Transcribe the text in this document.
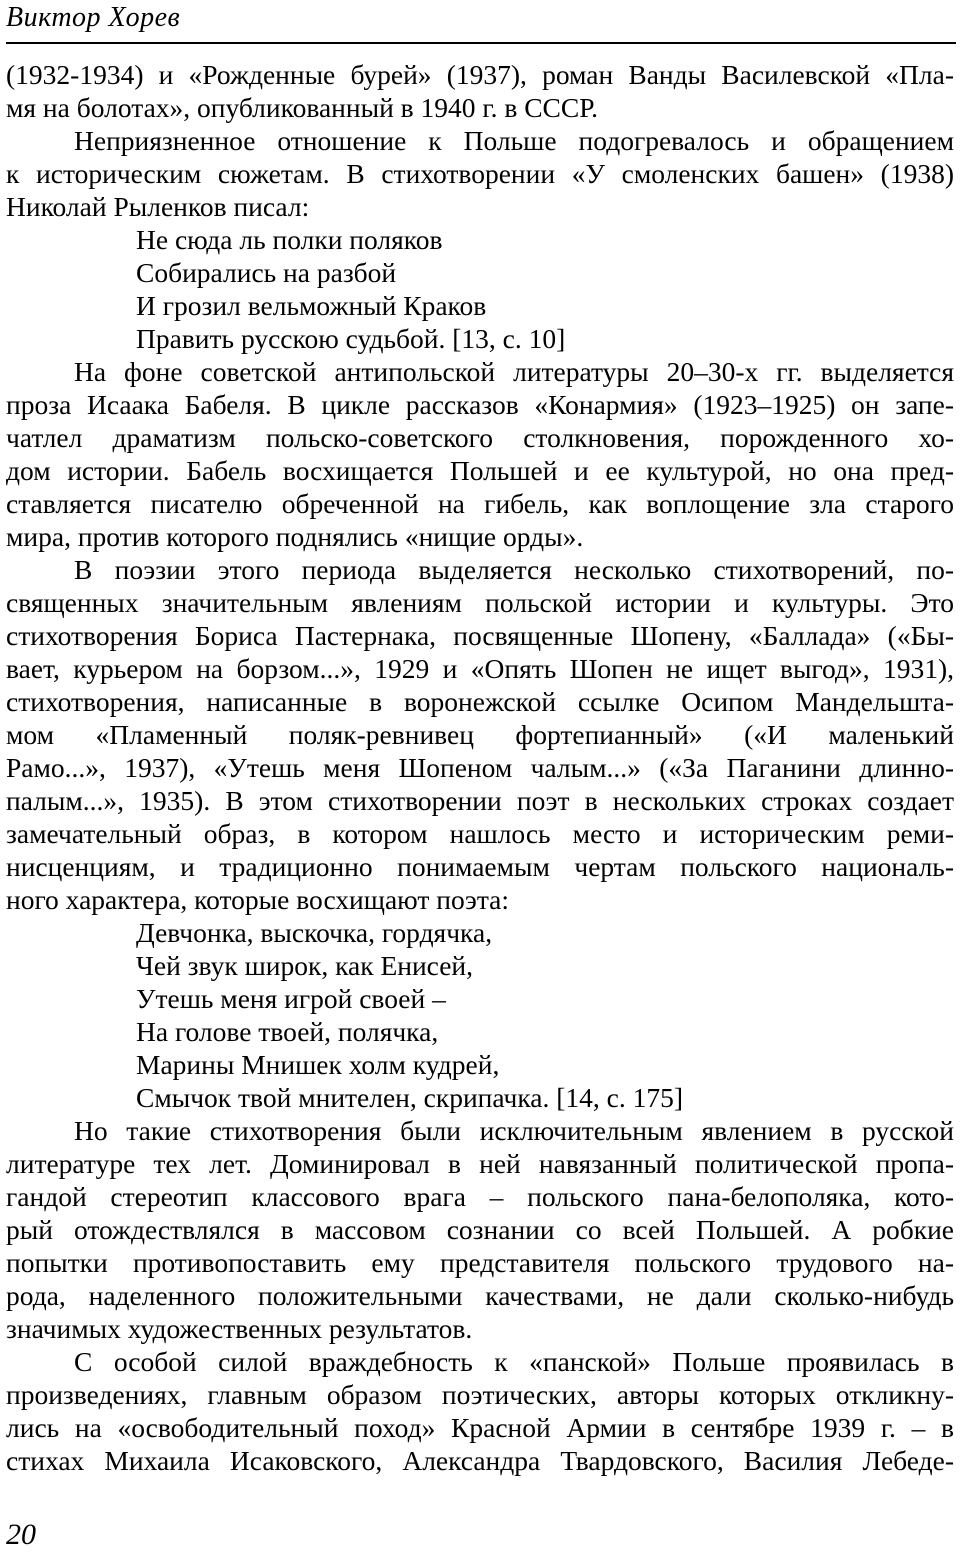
Виктор Хорев
(1932-1934) и «Рожденные бурей» (1937), роман Ванды Василевской «Пла-
мя на болотах», опубликованный в 1940 г. в СССР.
Неприязненное отношение к Польше подогревалось и обращением
к историческим сюжетам. В стихотворении «У смоленских башен» (1938)
Николай Рыленков писал:
Не сюда ль полки поляков
Собирались на разбой
И грозил вельможный Краков
Править русскою судьбой. [13, с. 10]
На фоне советской антипольской литературы 20–30-х гг. выделяется
проза Исаака Бабеля. В цикле рассказов «Конармия» (1923–1925) он запе-
чатлел драматизм польско-советского столкновения, порожденного хо-
дом истории. Бабель восхищается Польшей и ее культурой, но она пред-
ставляется писателю обреченной на гибель, как воплощение зла старого
мира, против которого поднялись «нищие орды».
В поэзии этого периода выделяется несколько стихотворений, по-
священных значительным явлениям польской истории и культуры. Это
стихотворения Бориса Пастернака, посвященные Шопену, «Баллада» («Бы-
вает, курьером на борзом...», 1929 и «Опять Шопен не ищет выгод», 1931),
стихотворения, написанные в воронежской ссылке Осипом Мандельшта-
мом «Пламенный поляк-ревнивец фортепианный» («И маленький
Рамо...», 1937), «Утешь меня Шопеном чалым...» («За Паганини длинно-
палым...», 1935). В этом стихотворении поэт в нескольких строках создает
замечательный образ, в котором нашлось место и историческим реми-
нисценциям, и традиционно понимаемым чертам польского националь-
ного характера, которые восхищают поэта:
Девчонка, выскочка, гордячка,
Чей звук широк, как Енисей,
Утешь меня игрой своей –
На голове твоей, полячка,
Марины Мнишек холм кудрей,
Смычок твой мнителен, скрипачка. [14, с. 175]
Но такие стихотворения были исключительным явлением в русской
литературе тех лет. Доминировал в ней навязанный политической пропа-
гандой стереотип классового врага – польского пана-белополяка, кото-
рый отождествлялся в массовом сознании со всей Польшей. А робкие
попытки противопоставить ему представителя польского трудового на-
рода, наделенного положительными качествами, не дали сколько-нибудь
значимых художественных результатов.
С особой силой враждебность к «панской» Польше проявилась в
произведениях, главным образом поэтических, авторы которых откликну-
лись на «освободительный поход» Красной Армии в сентябре 1939 г. – в
стихах Михаила Исаковского, Александра Твардовского, Василия Лебеде-
20
